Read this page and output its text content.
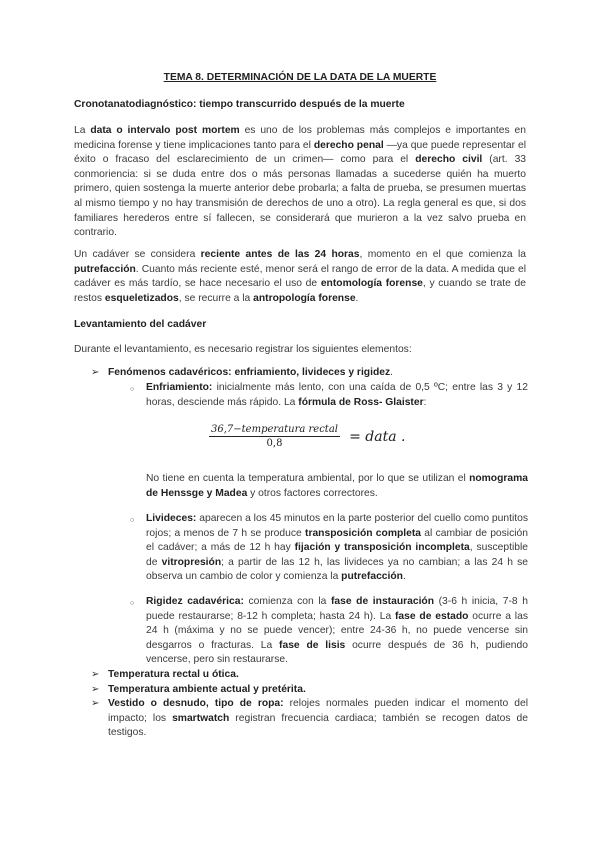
TEMA 8. DETERMINACIÓN DE LA DATA DE LA MUERTE
Cronotanatodiagnóstico: tiempo transcurrido después de la muerte
La data o intervalo post mortem es uno de los problemas más complejos e importantes en medicina forense y tiene implicaciones tanto para el derecho penal —ya que puede representar el éxito o fracaso del esclarecimiento de un crimen— como para el derecho civil (art. 33 conmoriencia: si se duda entre dos o más personas llamadas a sucederse quién ha muerto primero, quien sostenga la muerte anterior debe probarla; a falta de prueba, se presumen muertas al mismo tiempo y no hay transmisión de derechos de uno a otro). La regla general es que, si dos familiares herederos entre sí fallecen, se considerará que murieron a la vez salvo prueba en contrario.
Un cadáver se considera reciente antes de las 24 horas, momento en el que comienza la putrefacción. Cuanto más reciente esté, menor será el rango de error de la data. A medida que el cadáver es más tardío, se hace necesario el uso de entomología forense, y cuando se trate de restos esqueletizados, se recurre a la antropología forense.
Levantamiento del cadáver
Durante el levantamiento, es necesario registrar los siguientes elementos:
➢ Fenómenos cadavéricos: enfriamiento, livideces y rigidez.
○ Enfriamiento: inicialmente más lento, con una caída de 0,5 ºC; entre las 3 y 12 horas, desciende más rápido. La fórmula de Ross- Glaister:
$\frac{\text{36,7−temperatura rectal}}{0,8}$ = data .
No tiene en cuenta la temperatura ambiental, por lo que se utilizan el nomograma de Henssge y Madea y otros factores correctores.
○ Livideces: aparecen a los 45 minutos en la parte posterior del cuello como puntitos rojos; a menos de 7 h se produce transposición completa al cambiar de posición el cadáver; a más de 12 h hay fijación y transposición incompleta, susceptible de vitropresión; a partir de las 12 h, las livideces ya no cambian; a las 24 h se observa un cambio de color y comienza la putrefacción.
○ Rigidez cadavérica: comienza con la fase de instauración (3-6 h inicia, 7-8 h puede restaurarse; 8-12 h completa; hasta 24 h). La fase de estado ocurre a las 24 h (máxima y no se puede vencer); entre 24-36 h, no puede vencerse sin desgarros o fracturas. La fase de lisis ocurre después de 36 h, pudiendo vencerse, pero sin restaurarse.
➢ Temperatura rectal u ótica.
➢ Temperatura ambiente actual y pretérita.
➢ Vestido o desnudo, tipo de ropa: relojes normales pueden indicar el momento del impacto; los smartwatch registran frecuencia cardiaca; también se recogen datos de testigos.
